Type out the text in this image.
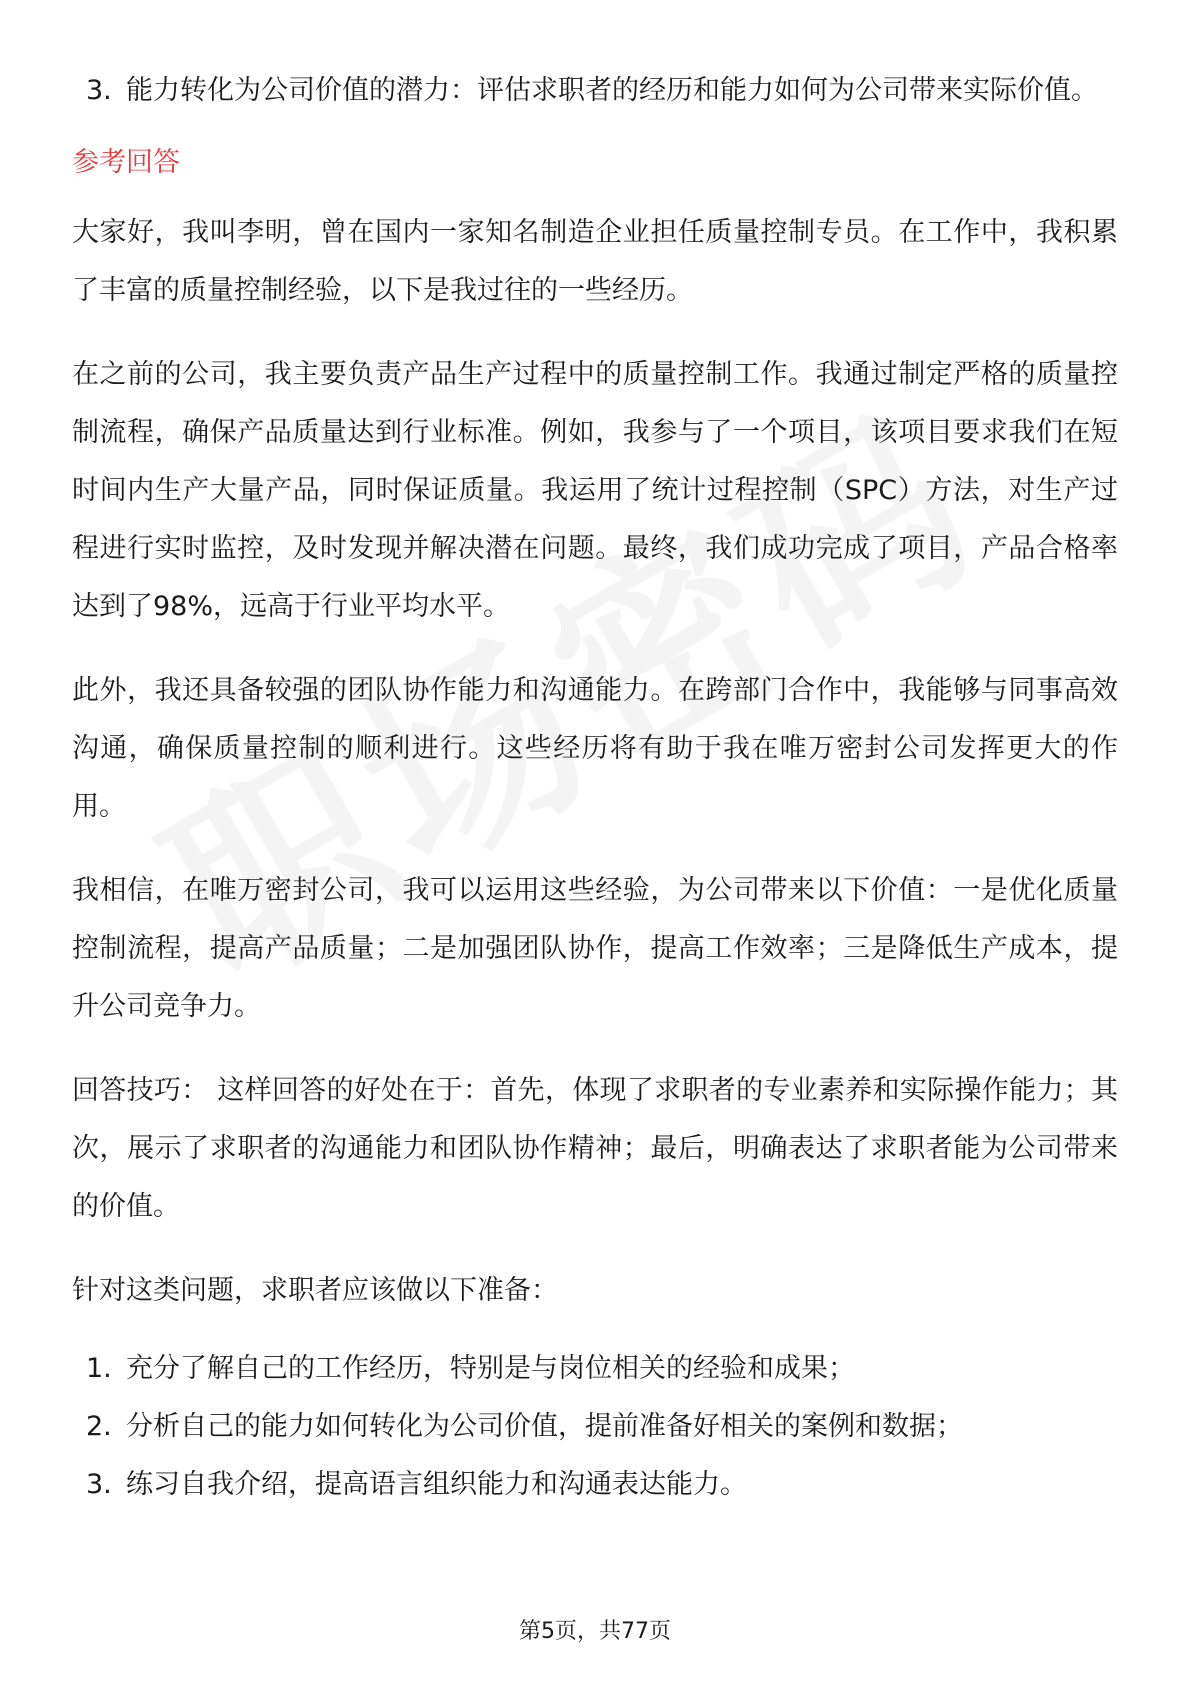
3. 能力转化为公司价值的潜力：评估求职者的经历和能力如何为公司带来实际价值。

参考回答

大家好，我叫李明，曾在国内一家知名制造企业担任质量控制专员。在工作中，我积累了丰富的质量控制经验，以下是我过往的一些经历。

在之前的公司，我主要负责产品生产过程中的质量控制工作。我通过制定严格的质量控制流程，确保产品质量达到行业标准。例如，我参与了一个项目，该项目要求我们在短时间内生产大量产品，同时保证质量。我运用了统计过程控制（SPC）方法，对生产过程进行实时监控，及时发现并解决潜在问题。最终，我们成功完成了项目，产品合格率达到了98%，远高于行业平均水平。

此外，我还具备较强的团队协作能力和沟通能力。在跨部门合作中，我能够与同事高效沟通，确保质量控制的顺利进行。这些经历将有助于我在唯万密封公司发挥更大的作用。

我相信，在唯万密封公司，我可以运用这些经验，为公司带来以下价值：一是优化质量控制流程，提高产品质量；二是加强团队协作，提高工作效率；三是降低生产成本，提升公司竞争力。

回答技巧： 这样回答的好处在于：首先，体现了求职者的专业素养和实际操作能力；其次，展示了求职者的沟通能力和团队协作精神；最后，明确表达了求职者能为公司带来的价值。

针对这类问题，求职者应该做以下准备：

1. 充分了解自己的工作经历，特别是与岗位相关的经验和成果；
2. 分析自己的能力如何转化为公司价值，提前准备好相关的案例和数据；
3. 练习自我介绍，提高语言组织能力和沟通表达能力。
第5页，共77页
